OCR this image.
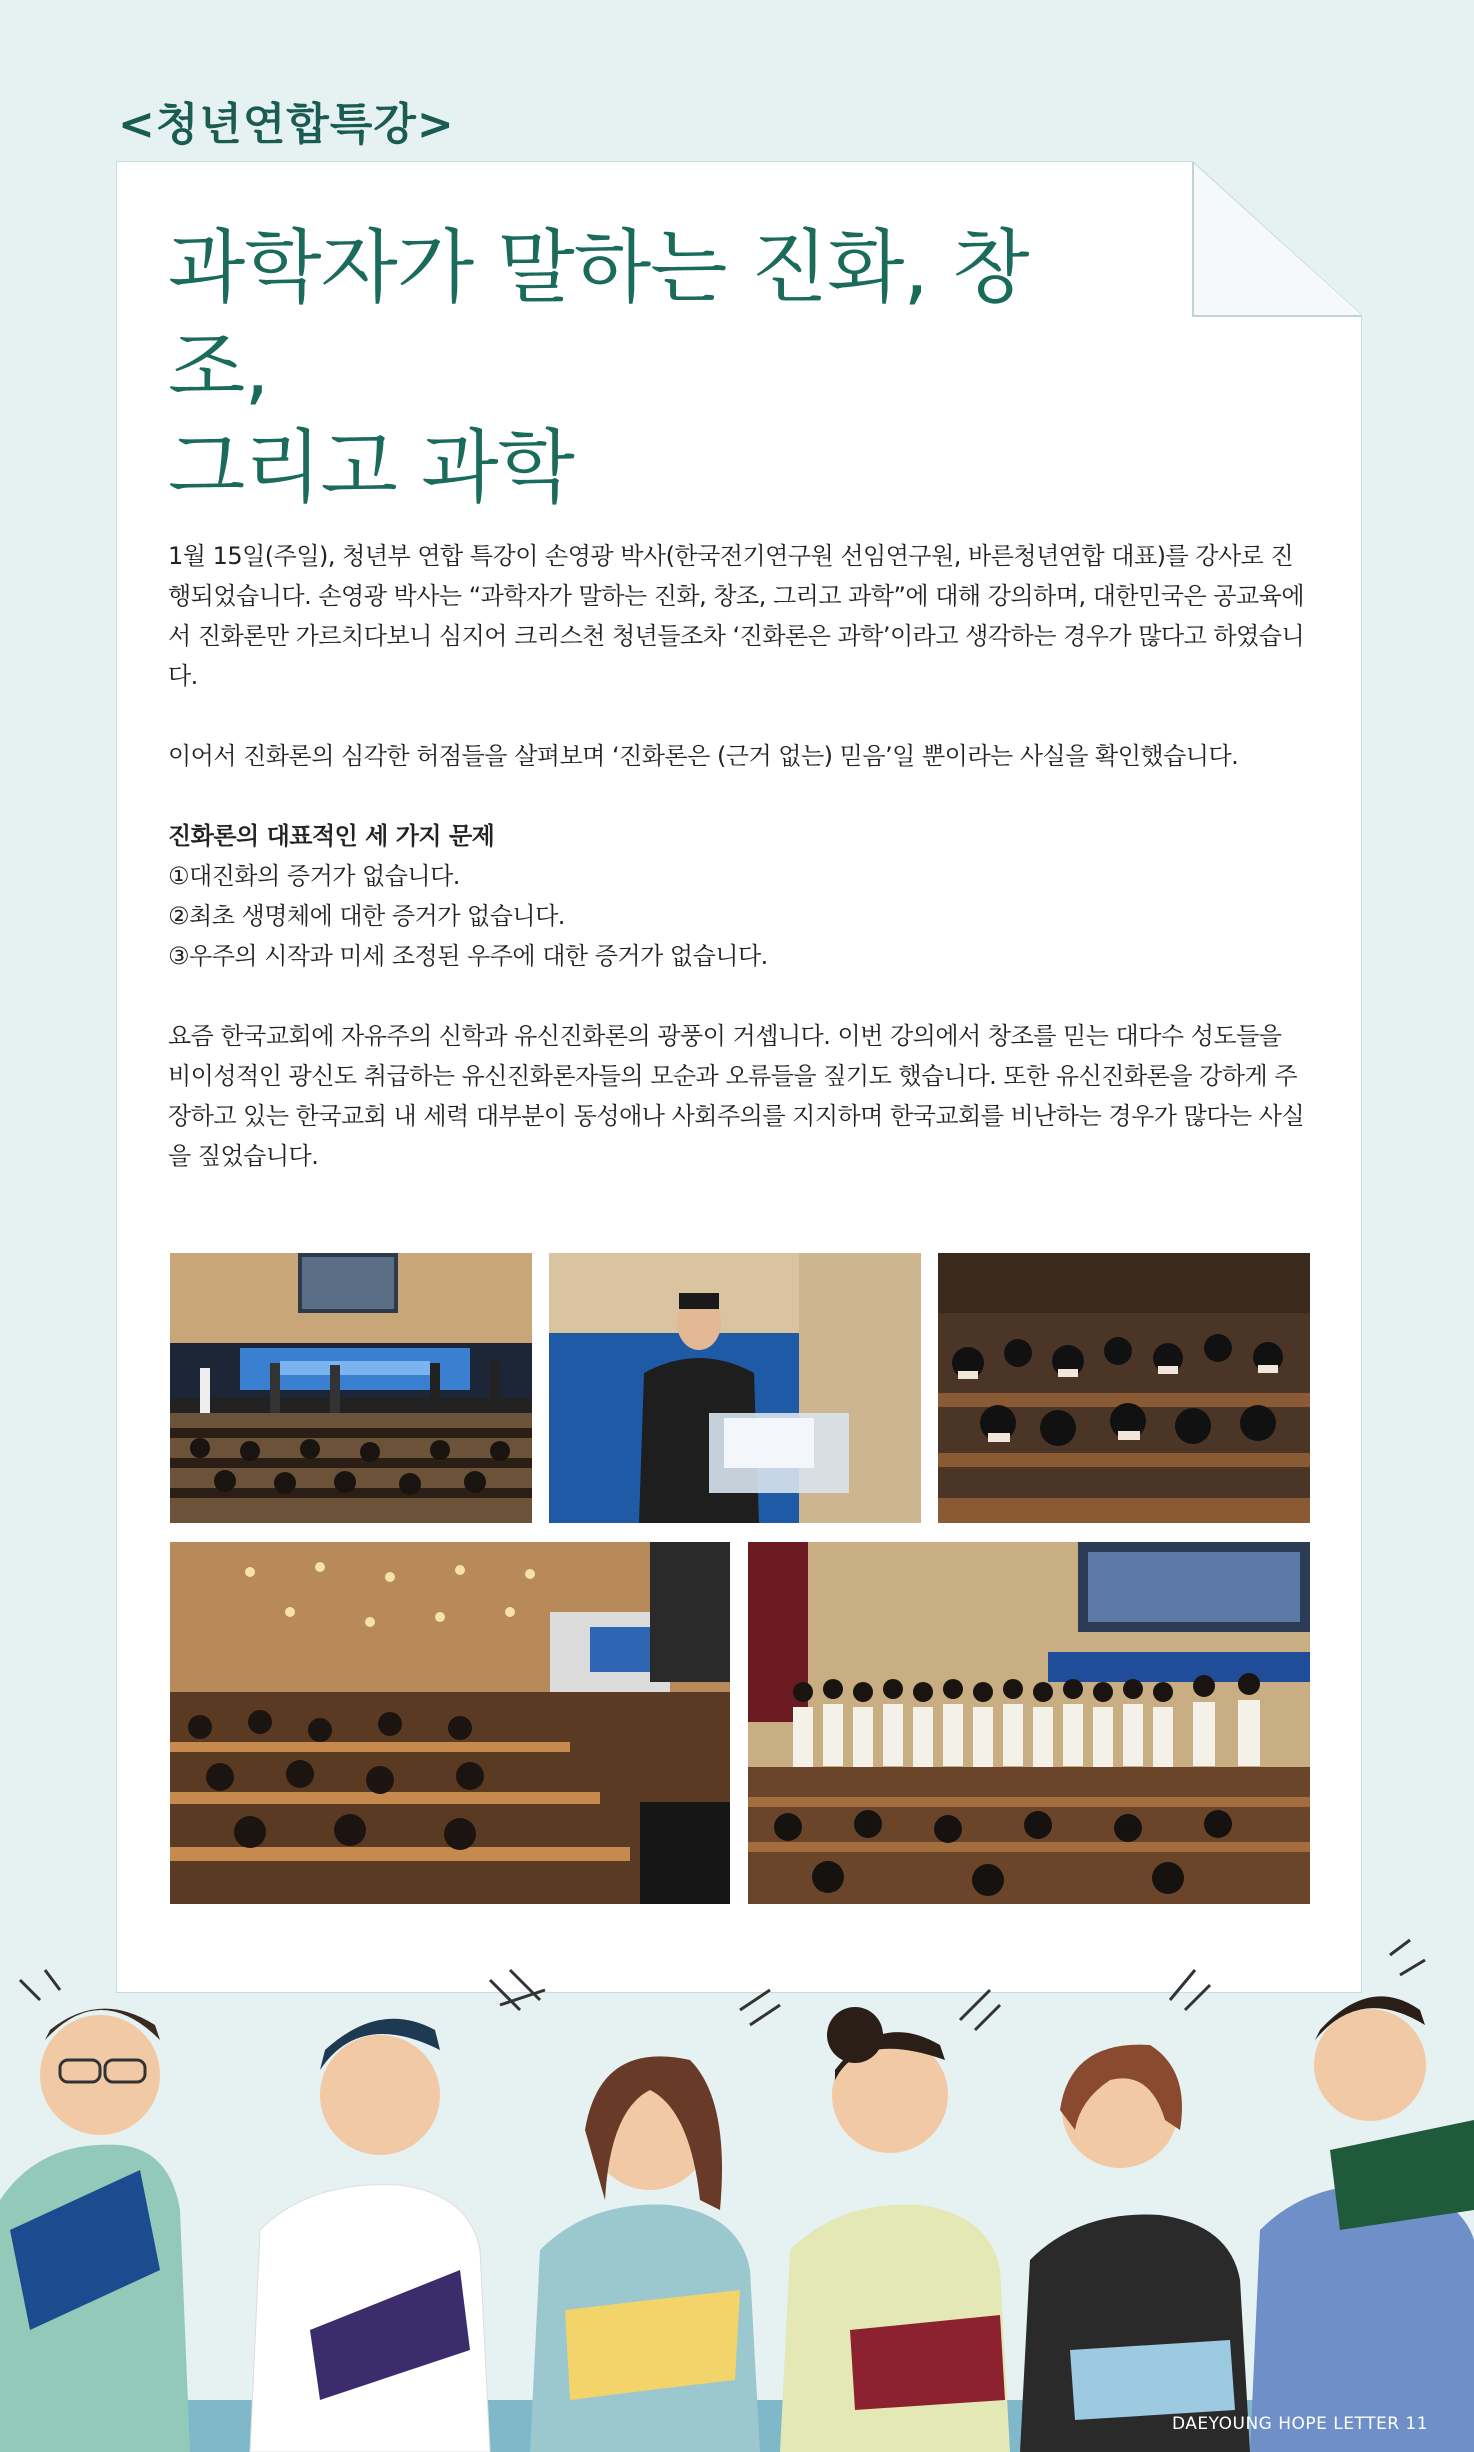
<청년연합특강>
과학자가 말하는 진화, 창조,
그리고 과학

1월 15일(주일), 청년부 연합 특강이 손영광 박사(한국전기연구원 선임연구원, 바른청년연합 대표)를 강사로 진행되었습니다. 손영광 박사는 “과학자가 말하는 진화, 창조, 그리고 과학”에 대해 강의하며, 대한민국은 공교육에서 진화론만 가르치다보니 심지어 크리스천 청년들조차 ‘진화론은 과학’이라고 생각하는 경우가 많다고 하였습니다.

이어서 진화론의 심각한 허점들을 살펴보며 ‘진화론은 (근거 없는) 믿음’일 뿐이라는 사실을 확인했습니다.

진화론의 대표적인 세 가지 문제
①대진화의 증거가 없습니다.
②최초 생명체에 대한 증거가 없습니다.
③우주의 시작과 미세 조정된 우주에 대한 증거가 없습니다.

요즘 한국교회에 자유주의 신학과 유신진화론의 광풍이 거셉니다. 이번 강의에서 창조를 믿는 대다수 성도들을 비이성적인 광신도 취급하는 유신진화론자들의 모순과 오류들을 짚기도 했습니다. 또한 유신진화론을 강하게 주장하고 있는 한국교회 내 세력 대부분이 동성애나 사회주의를 지지하며 한국교회를 비난하는 경우가 많다는 사실을 짚었습니다.

DAEYOUNG HOPE LETTER 11
